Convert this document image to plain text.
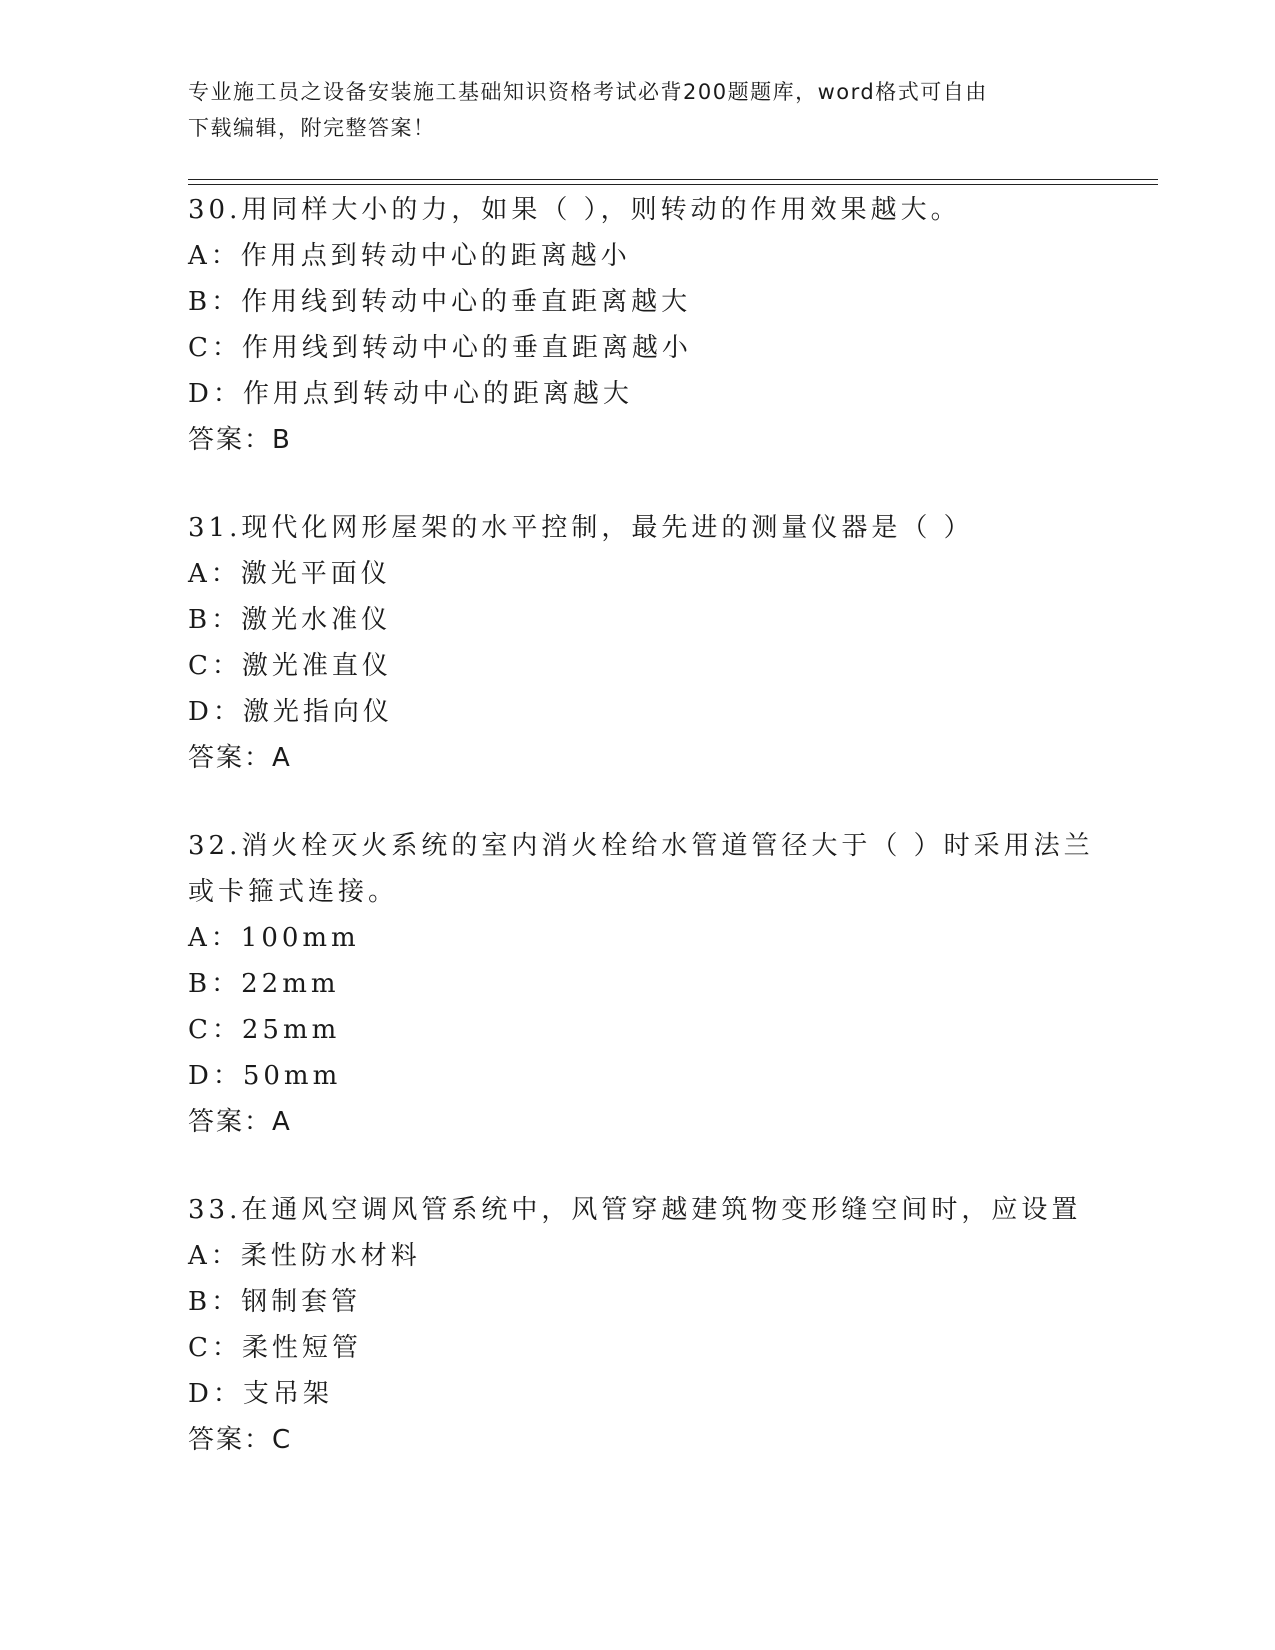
专业施工员之设备安装施工基础知识资格考试必背200题题库，word格式可自由
下载编辑，附完整答案！
30.用同样大小的力，如果（ ），则转动的作用效果越大。
A：作用点到转动中心的距离越小
B：作用线到转动中心的垂直距离越大
C：作用线到转动中心的垂直距离越小
D：作用点到转动中心的距离越大
答案：B
31.现代化网形屋架的水平控制，最先进的测量仪器是（ ）
A：激光平面仪
B：激光水准仪
C：激光准直仪
D：激光指向仪
答案：A
32.消火栓灭火系统的室内消火栓给水管道管径大于（ ）时采用法兰
或卡箍式连接。
A：100mm
B：22mm
C：25mm
D：50mm
答案：A
33.在通风空调风管系统中，风管穿越建筑物变形缝空间时，应设置
A：柔性防水材料
B：钢制套管
C：柔性短管
D：支吊架
答案：C
